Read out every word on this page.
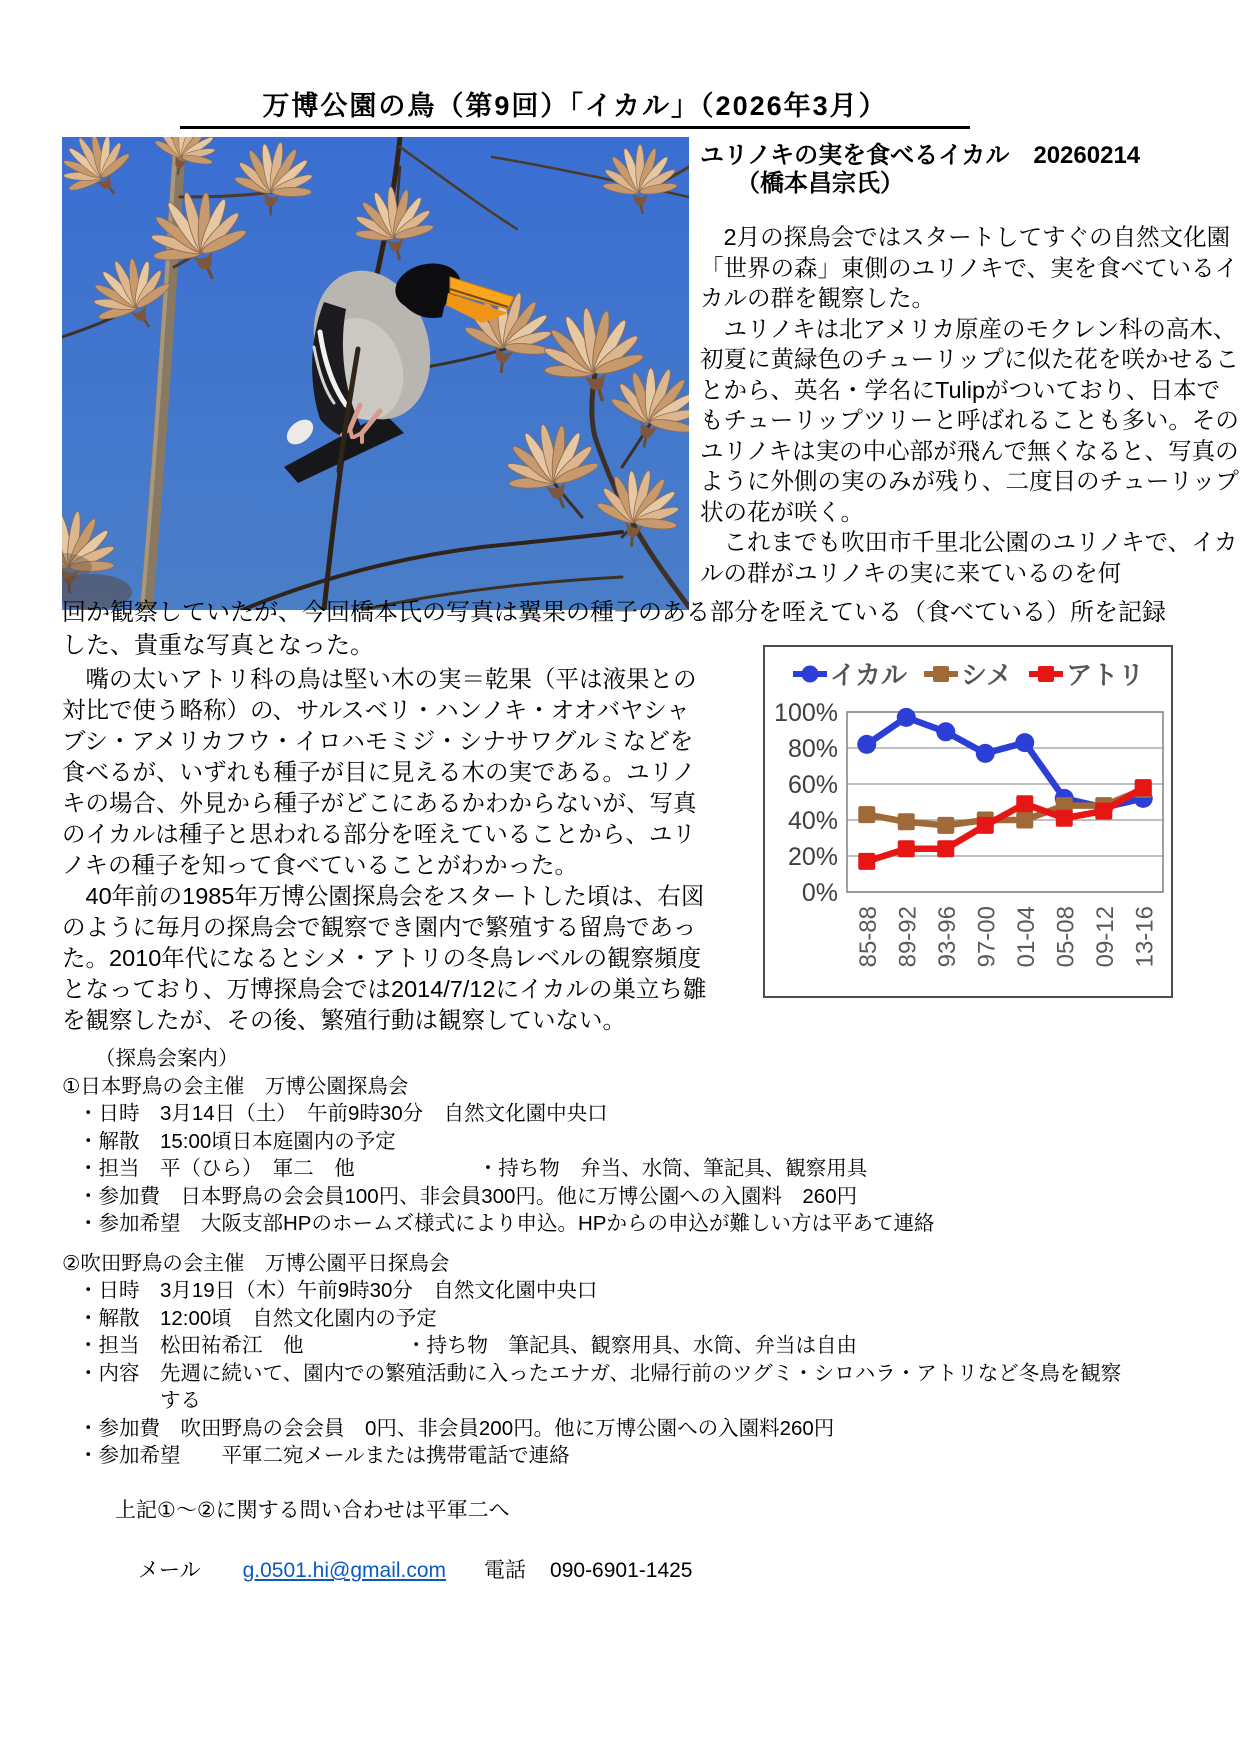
万博公園の鳥（第9回）「イカル」（2026年3月）
ユリノキの実を食べるイカル　20260214
　　（橋本昌宗氏）

　2月の探鳥会ではスタートしてすぐの自然文化園「世界の森」東側のユリノキで、実を食べているイカルの群を観察した。

　ユリノキは北アメリカ原産のモクレン科の高木、初夏に黄緑色のチューリップに似た花を咲かせることから、英名・学名にTulipがついており、日本でもチューリップツリーと呼ばれることも多い。そのユリノキは実の中心部が飛んで無くなると、写真のように外側の実のみが残り、二度目のチューリップ状の花が咲く。

　これまでも吹田市千里北公園のユリノキで、イカルの群がユリノキの実に来ているのを何

回か観察していたが、今回橋本氏の写真は翼果の種子のある部分を咥えている（食べている）所を記録した、貴重な写真となった。

　嘴の太いアトリ科の鳥は堅い木の実＝乾果（平は液果との対比で使う略称）の、サルスベリ・ハンノキ・オオバヤシャブシ・アメリカフウ・イロハモミジ・シナサワグルミなどを食べるが、いずれも種子が目に見える木の実である。ユリノキの場合、外見から種子がどこにあるかわからないが、写真のイカルは種子と思われる部分を咥えていることから、ユリノキの種子を知って食べていることがわかった。

　40年前の1985年万博公園探鳥会をスタートした頃は、右図のように毎月の探鳥会で観察でき園内で繁殖する留鳥であった。2010年代になるとシメ・アトリの冬鳥レベルの観察頻度となっており、万博探鳥会では2014/7/12にイカルの巣立ち雛を観察したが、その後、繁殖行動は観察していない。

0%
20%
40%
60%
80%
100%
85-88 89-92 93-96 97-00 01-04 05-08 09-12 13-16
イカル シメ アトリ
（探鳥会案内）
①日本野鳥の会主催　万博公園探鳥会
・日時　3月14日（土）　午前9時30分　自然文化園中央口
・解散　15:00頃日本庭園内の予定
・担当　平（ひら）　軍二　他　　　　　　・持ち物　弁当、水筒、筆記具、観察用具
・参加費　日本野鳥の会会員100円、非会員300円。他に万博公園への入園料　260円
・参加希望　大阪支部HPのホームズ様式により申込。HPからの申込が難しい方は平あて連絡
②吹田野鳥の会主催　万博公園平日探鳥会
・日時　3月19日（木）午前9時30分　自然文化園中央口
・解散　12:00頃　自然文化園内の予定
・担当　松田祐希江　他　　　　　・持ち物　筆記具、観察用具、水筒、弁当は自由
・内容　先週に続いて、園内での繁殖活動に入ったエナガ、北帰行前のツグミ・シロハラ・アトリなど冬鳥を観察
　　　　する
・参加費　吹田野鳥の会会員　0円、非会員200円。他に万博公園への入園料260円
・参加希望　　平軍二宛メールまたは携帯電話で連絡
上記①～②に関する問い合わせは平軍二へ

メール g.0501.hi@gmail.com 電話 090-6901-1425
